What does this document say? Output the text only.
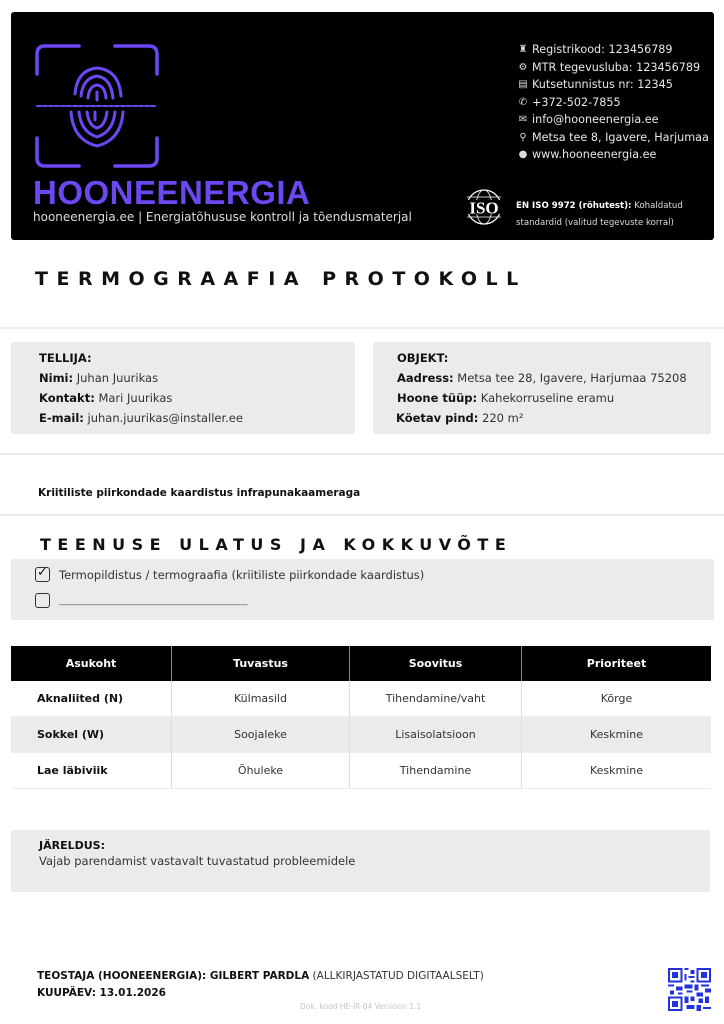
HOONEENERGIA
hooneenergia.ee | Energiatõhususe kontroll ja tõendusmaterjal
♜ Registrikood: 123456789
⚙ MTR tegevusluba: 123456789
▤ Kutsetunnistus nr: 12345
✆ +372-502-7855
✉ info@hooneenergia.ee
⚲ Metsa tee 8, Igavere, Harjumaa
● www.hooneenergia.ee
ISO EN ISO 9972 (röhutest): Kohaldatud standardid (valitud tegevuste korral)
TERMOGRAAFIA PROTOKOLL
TELLIJA:
Nimi: Juhan Juurikas
Kontakt: Mari Juurikas
E-mail: juhan.juurikas@installer.ee
OBJEKT:
Aadress: Metsa tee 28, Igavere, Harjumaa 75208
Hoone tüüp: Kahekorruseline eramu
Köetav pind: 220 m²
Kriitiliste piirkondade kaardistus infrapunakaameraga
TEENUSE ULATUS JA KOKKUVÕTE
✓ Termopildistus / termograafia (kriitiliste piirkondade kaardistus)
_______________________________________________
Asukoht	Tuvastus	Soovitus	Prioriteet
Aknaliited (N)	Külmasild	Tihendamine/vaht	Kõrge
Sokkel (W)	Soojaleke	Lisaisolatsioon	Keskmine
Lae läbiviik	Õhuleke	Tihendamine	Keskmine
JÄRELDUS:
Vajab parendamist vastavalt tuvastatud probleemidele
TEOSTAJA (HOONEENERGIA): GILBERT PARDLA (ALLKIRJASTATUD DIGITAALSELT)
KUUPÄEV: 13.01.2026
Dok. kood HE-IR-04 Versioon 1.1
